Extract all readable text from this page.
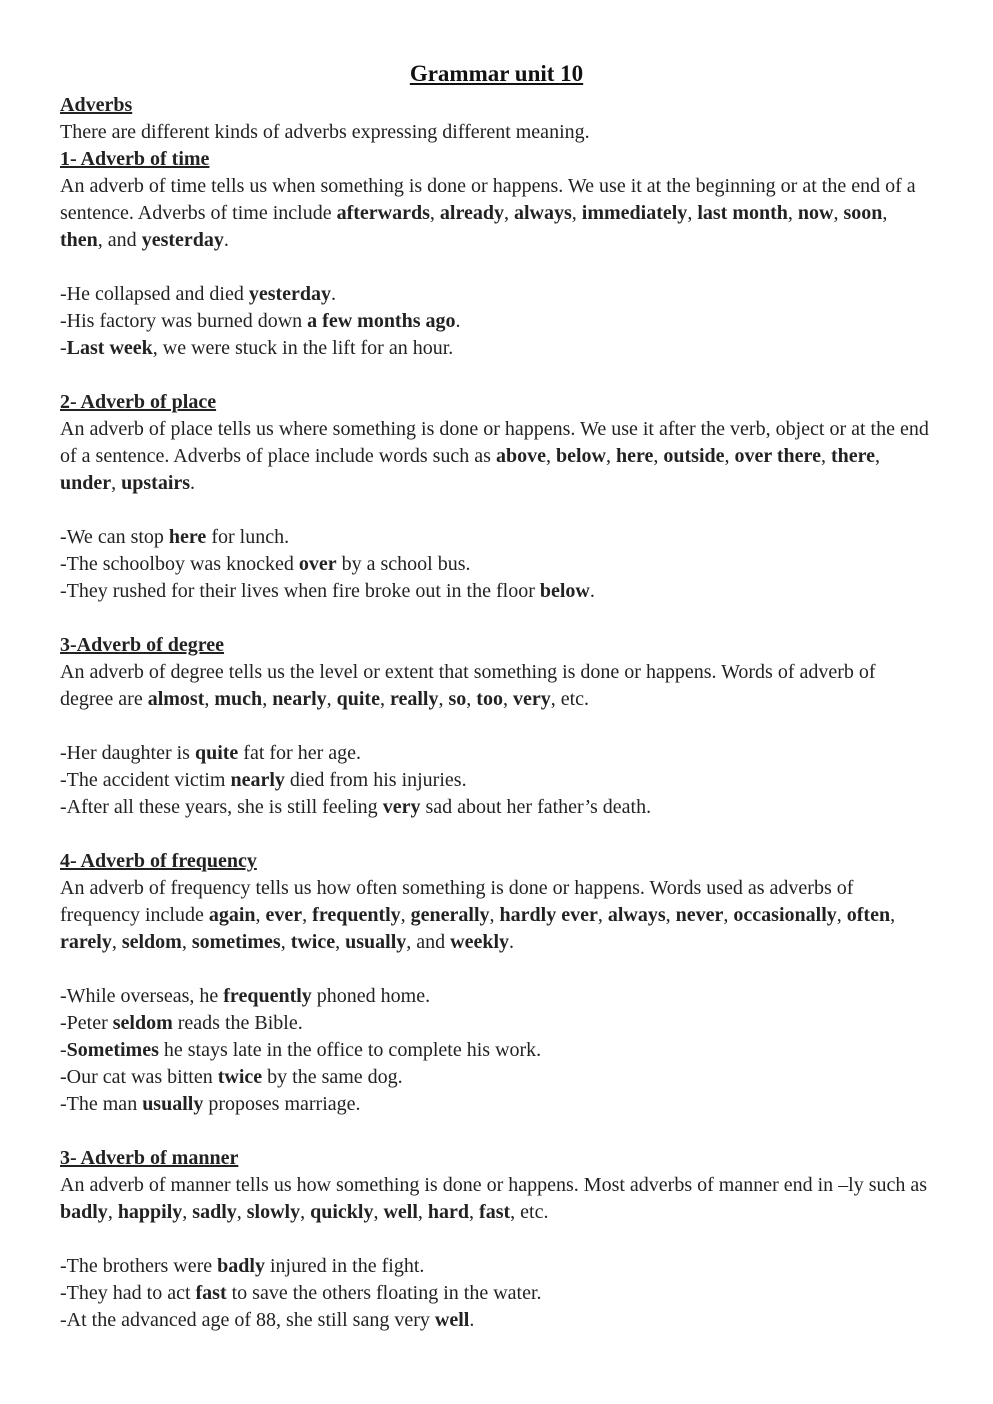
Grammar unit 10
Adverbs

There are different kinds of adverbs expressing different meaning.

1- Adverb of time

An adverb of time tells us when something is done or happens. We use it at the beginning or at the end of a sentence. Adverbs of time include afterwards, already, always, immediately, last month, now, soon, then, and yesterday.

-He collapsed and died yesterday.

-His factory was burned down a few months ago.

-Last week, we were stuck in the lift for an hour.

2- Adverb of place

An adverb of place tells us where something is done or happens. We use it after the verb, object or at the end of a sentence. Adverbs of place include words such as above, below, here, outside, over there, there, under, upstairs.

-We can stop here for lunch.

-The schoolboy was knocked over by a school bus.

-They rushed for their lives when fire broke out in the floor below.

3-Adverb of degree

An adverb of degree tells us the level or extent that something is done or happens. Words of adverb of degree are almost, much, nearly, quite, really, so, too, very, etc.

-Her daughter is quite fat for her age.

-The accident victim nearly died from his injuries.

-After all these years, she is still feeling very sad about her father’s death.

4- Adverb of frequency

An adverb of frequency tells us how often something is done or happens. Words used as adverbs of frequency include again, ever, frequently, generally, hardly ever, always, never, occasionally, often, rarely, seldom, sometimes, twice, usually, and weekly.

-While overseas, he frequently phoned home.

-Peter seldom reads the Bible.

-Sometimes he stays late in the office to complete his work.

-Our cat was bitten twice by the same dog.

-The man usually proposes marriage.

3- Adverb of manner

An adverb of manner tells us how something is done or happens. Most adverbs of manner end in –ly such as badly, happily, sadly, slowly, quickly, well, hard, fast, etc.

-The brothers were badly injured in the fight.

-They had to act fast to save the others floating in the water.

-At the advanced age of 88, she still sang very well.
